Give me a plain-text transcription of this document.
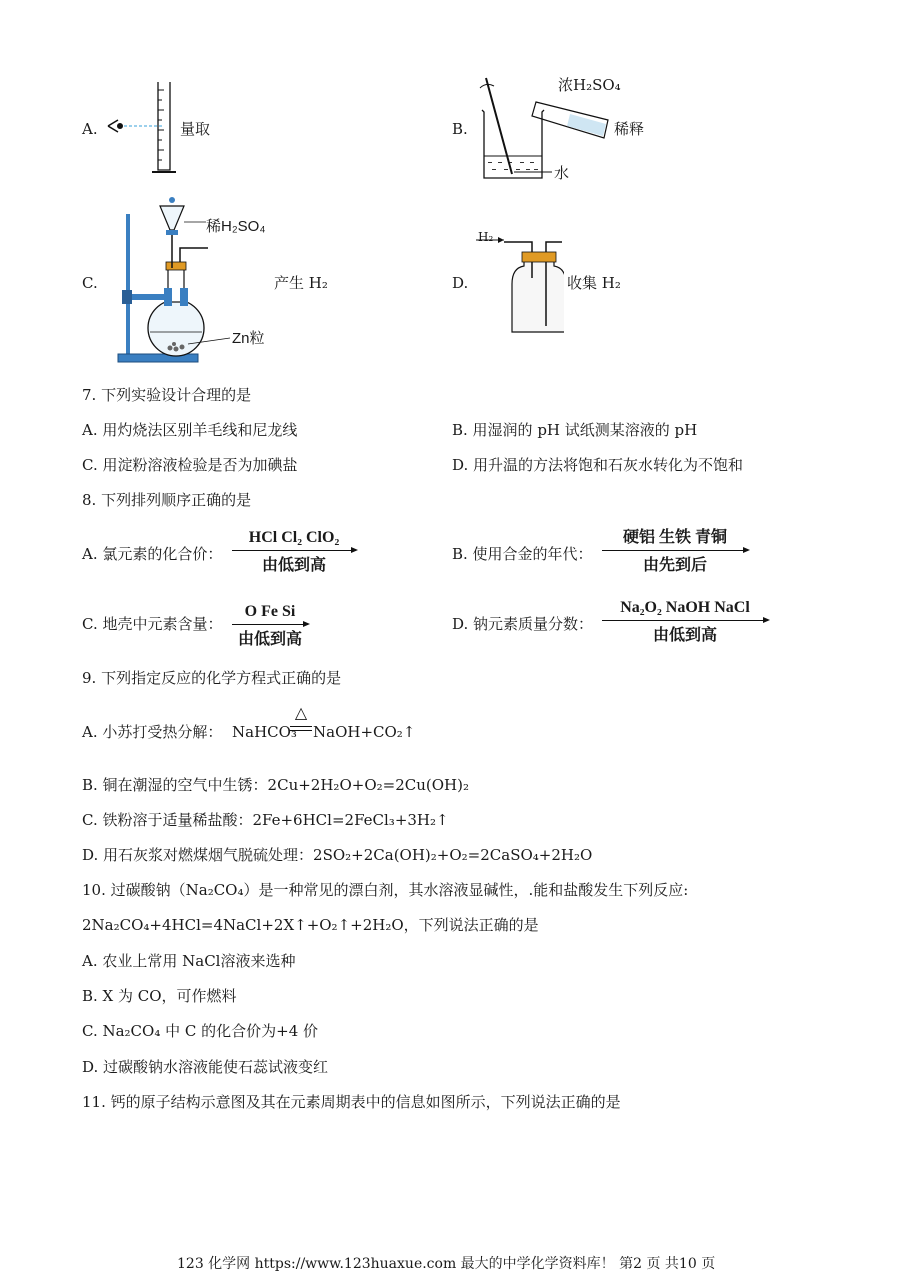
A.	量取	B.
浓H₂SO₄
稀释
水
C.
稀H₂SO₄
Zn粒
产生 H₂	D.
H₂
收集 H₂
7. 下列实验设计合理的是
A. 用灼烧法区别羊毛线和尼龙线	B. 用湿润的 pH 试纸测某溶液的 pH
C. 用淀粉溶液检验是否为加碘盐	D. 用升温的方法将饱和石灰水转化为不饱和
8. 下列排列顺序正确的是
A. 氯元素的化合价：
HCl Cl₂ ClO₂
由低到高
B. 使用合金的年代：
硬铝 生铁 青铜
由先到后
C. 地壳中元素含量：
O Fe Si
由低到高
D. 钠元素质量分数：
Na₂O₂ NaOH NaCl
由低到高
9. 下列指定反应的化学方程式正确的是
A. 小苏打受热分解： NaHCO₃
△
NaOH+CO₂↑
B. 铜在潮湿的空气中生锈：2Cu+2H₂O+O₂=2Cu(OH)₂
C. 铁粉溶于适量稀盐酸：2Fe+6HCl=2FeCl₃+3H₂↑
D. 用石灰浆对燃煤烟气脱硫处理：2SO₂+2Ca(OH)₂+O₂=2CaSO₄+2H₂O
10. 过碳酸钠（Na₂CO₄）是一种常见的漂白剂，其水溶液显碱性，.能和盐酸发生下列反应:
2Na₂CO₄+4HCl=4NaCl+2X↑+O₂↑+2H₂O，下列说法正确的是
A. 农业上常用 NaCl溶液来选种
B. X 为 CO，可作燃料
C. Na₂CO₄ 中 C 的化合价为+4 价
D. 过碳酸钠水溶液能使石蕊试液变红
11. 钙的原子结构示意图及其在元素周期表中的信息如图所示，下列说法正确的是
123 化学网 https://www.123huaxue.com 最大的中学化学资料库！ 第2 页 共10 页
